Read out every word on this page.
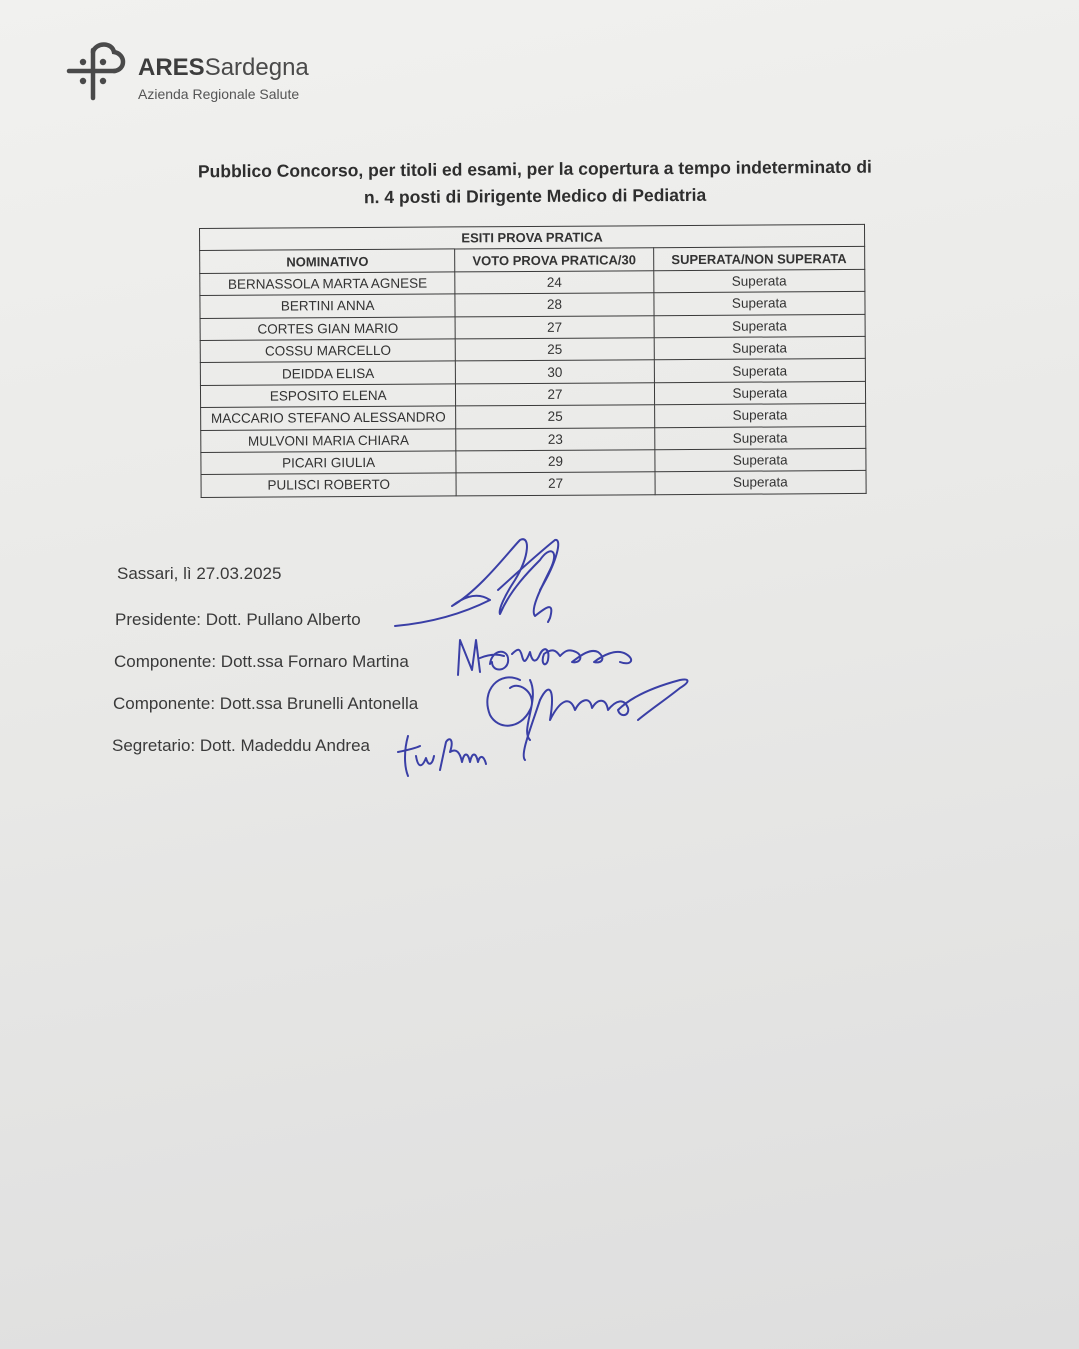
ARESSardegna
Azienda Regionale Salute
Pubblico Concorso, per titoli ed esami, per la copertura a tempo indeterminato di
n. 4 posti di Dirigente Medico di Pediatria
ESITI PROVA PRATICA		
NOMINATIVO	VOTO PROVA PRATICA/30	SUPERATA/NON SUPERATA
BERNASSOLA MARTA AGNESE	24	Superata
BERTINI ANNA	28	Superata
CORTES GIAN MARIO	27	Superata
COSSU MARCELLO	25	Superata
DEIDDA ELISA	30	Superata
ESPOSITO ELENA	27	Superata
MACCARIO STEFANO ALESSANDRO	25	Superata
MULVONI MARIA CHIARA	23	Superata
PICARI GIULIA	29	Superata
PULISCI ROBERTO	27	Superata
Sassari, lì 27.03.2025
Presidente: Dott. Pullano Alberto
Componente: Dott.ssa Fornaro Martina
Componente: Dott.ssa Brunelli Antonella
Segretario: Dott. Madeddu Andrea
